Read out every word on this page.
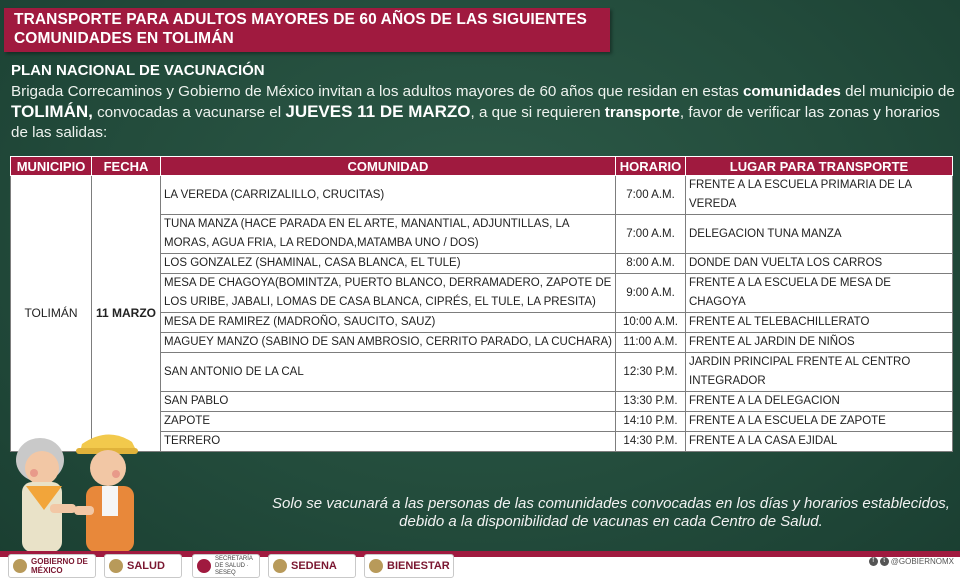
TRANSPORTE PARA ADULTOS MAYORES DE 60 AÑOS DE LAS SIGUIENTES
COMUNIDADES EN TOLIMÁN
PLAN NACIONAL DE VACUNACIÓN
Brigada Correcaminos y Gobierno de México invitan a los adultos mayores de 60 años que residan en estas comunidades del municipio de TOLIMÁN, convocadas a vacunarse el JUEVES 11 DE MARZO, a que si requieren transporte, favor de verificar las zonas y horarios de las salidas:
MUNICIPIO	FECHA	COMUNIDAD	HORARIO	LUGAR PARA TRANSPORTE
TOLIMÁN	11 MARZO	LA VEREDA (CARRIZALILLO, CRUCITAS)	7:00 A.M.	FRENTE A LA ESCUELA PRIMARIA DE LA VEREDA
		TUNA MANZA (HACE PARADA EN EL ARTE, MANANTIAL, ADJUNTILLAS, LA MORAS, AGUA FRIA, LA REDONDA,MATAMBA UNO / DOS)	7:00 A.M.	DELEGACION TUNA MANZA
		LOS GONZALEZ (SHAMINAL, CASA BLANCA, EL TULE)	8:00 A.M.	DONDE DAN VUELTA LOS CARROS
		MESA DE CHAGOYA(BOMINTZA, PUERTO BLANCO, DERRAMADERO, ZAPOTE DE LOS URIBE, JABALI, LOMAS DE CASA BLANCA, CIPRÉS, EL TULE, LA PRESITA)	9:00 A.M.	FRENTE A LA ESCUELA DE MESA DE CHAGOYA
		MESA DE RAMIREZ (MADROÑO, SAUCITO, SAUZ)	10:00 A.M.	FRENTE AL TELEBACHILLERATO
		MAGUEY MANZO (SABINO DE SAN AMBROSIO, CERRITO PARADO, LA CUCHARA)	11:00 A.M.	FRENTE AL JARDIN DE NIÑOS
		SAN ANTONIO DE LA CAL	12:30 P.M.	JARDIN PRINCIPAL FRENTE AL CENTRO INTEGRADOR
		SAN PABLO	13:30 P.M.	FRENTE A LA DELEGACION
		ZAPOTE	14:10 P.M.	FRENTE A LA ESCUELA DE ZAPOTE
		TERRERO	14:30 P.M.	FRENTE A LA CASA EJIDAL
Solo se vacunará a las personas de las comunidades convocadas en los días y horarios establecidos, debido a la disponibilidad de vacunas en cada Centro de Salud.
GOBIERNO DE MÉXICO	SALUD
SECRETARÍA DE SALUD · SESEQ
SEDENA	BIENESTAR	f	t @GOBIERNOMX
